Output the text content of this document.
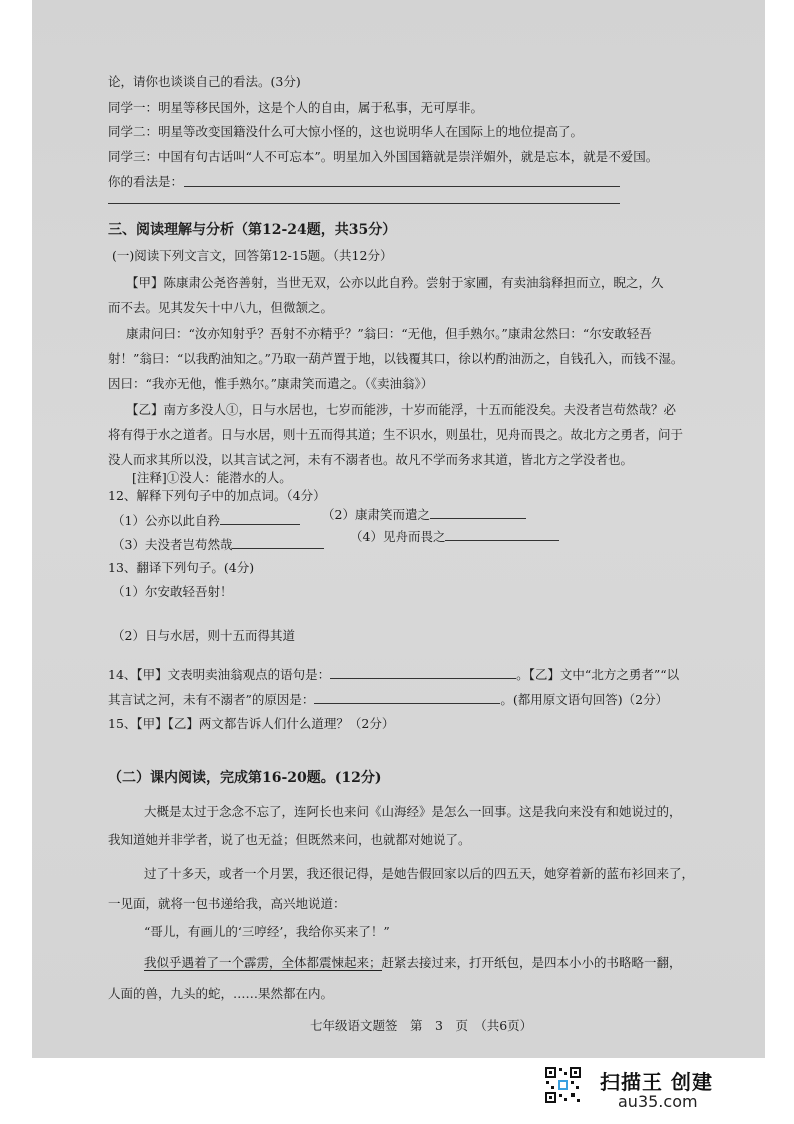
论，请你也谈谈自己的看法。(3分)
同学一：明星等移民国外，这是个人的自由，属于私事，无可厚非。
同学二：明星等改变国籍没什么可大惊小怪的，这也说明华人在国际上的地位提高了。
同学三：中国有句古话叫“人不可忘本”。明星加入外国国籍就是崇洋媚外，就是忘本，就是不爱国。
你的看法是：
三、阅读理解与分析（第12-24题，共35分）
(一)阅读下列文言文，回答第12-15题。（共12分）
【甲】陈康肃公尧咨善射，当世无双，公亦以此自矜。尝射于家圃，有卖油翁释担而立，睨之，久
而不去。见其发矢十中八九，但微颔之。
康肃问曰：“汝亦知射乎？吾射不亦精乎？”翁曰：“无他，但手熟尔。”康肃忿然曰：“尔安敢轻吾
射！”翁曰：“以我酌油知之。”乃取一葫芦置于地，以钱覆其口，徐以杓酌油沥之，自钱孔入，而钱不湿。
因曰：“我亦无他，惟手熟尔。”康肃笑而遣之。（《卖油翁》）
【乙】南方多没人①，日与水居也，七岁而能涉，十岁而能浮，十五而能没矣。夫没者岂苟然哉？必
将有得于水之道者。日与水居，则十五而得其道；生不识水，则虽壮，见舟而畏之。故北方之勇者，问于
没人而求其所以没，以其言试之河，未有不溺者也。故凡不学而务求其道，皆北方之学没者也。
[注释]①没人：能潜水的人。
12、解释下列句子中的加点词。（4分）
（1）公亦以此自矜	（2）康肃笑而遣之
（3）夫没者岂苟然哉
（4）见舟而畏之
13、翻译下列句子。(4分)
（1）尔安敢轻吾射！
（2）日与水居，则十五而得其道
14、【甲】文表明卖油翁观点的语句是：	。【乙】文中“北方之勇者”“以
其言试之河，未有不溺者”的原因是：	。(都用原文语句回答)（2分）
15、【甲】【乙】两文都告诉人们什么道理？（2分）
（二）课内阅读，完成第16-20题。(12分)
大概是太过于念念不忘了，连阿长也来问《山海经》是怎么一回事。这是我向来没有和她说过的，
我知道她并非学者，说了也无益；但既然来问，也就都对她说了。
过了十多天，或者一个月罢，我还很记得，是她告假回家以后的四五天，她穿着新的蓝布衫回来了，
一见面，就将一包书递给我，高兴地说道：
“哥儿，有画儿的‘三哼经’，我给你买来了！”
我似乎遇着了一个霹雳，全体都震悚起来；赶紧去接过来，打开纸包，是四本小小的书略略一翻，
人面的兽，九头的蛇，……果然都在内。
七年级语文题签　第　3　页　（共6页）
扫描王 创建
au35.com
